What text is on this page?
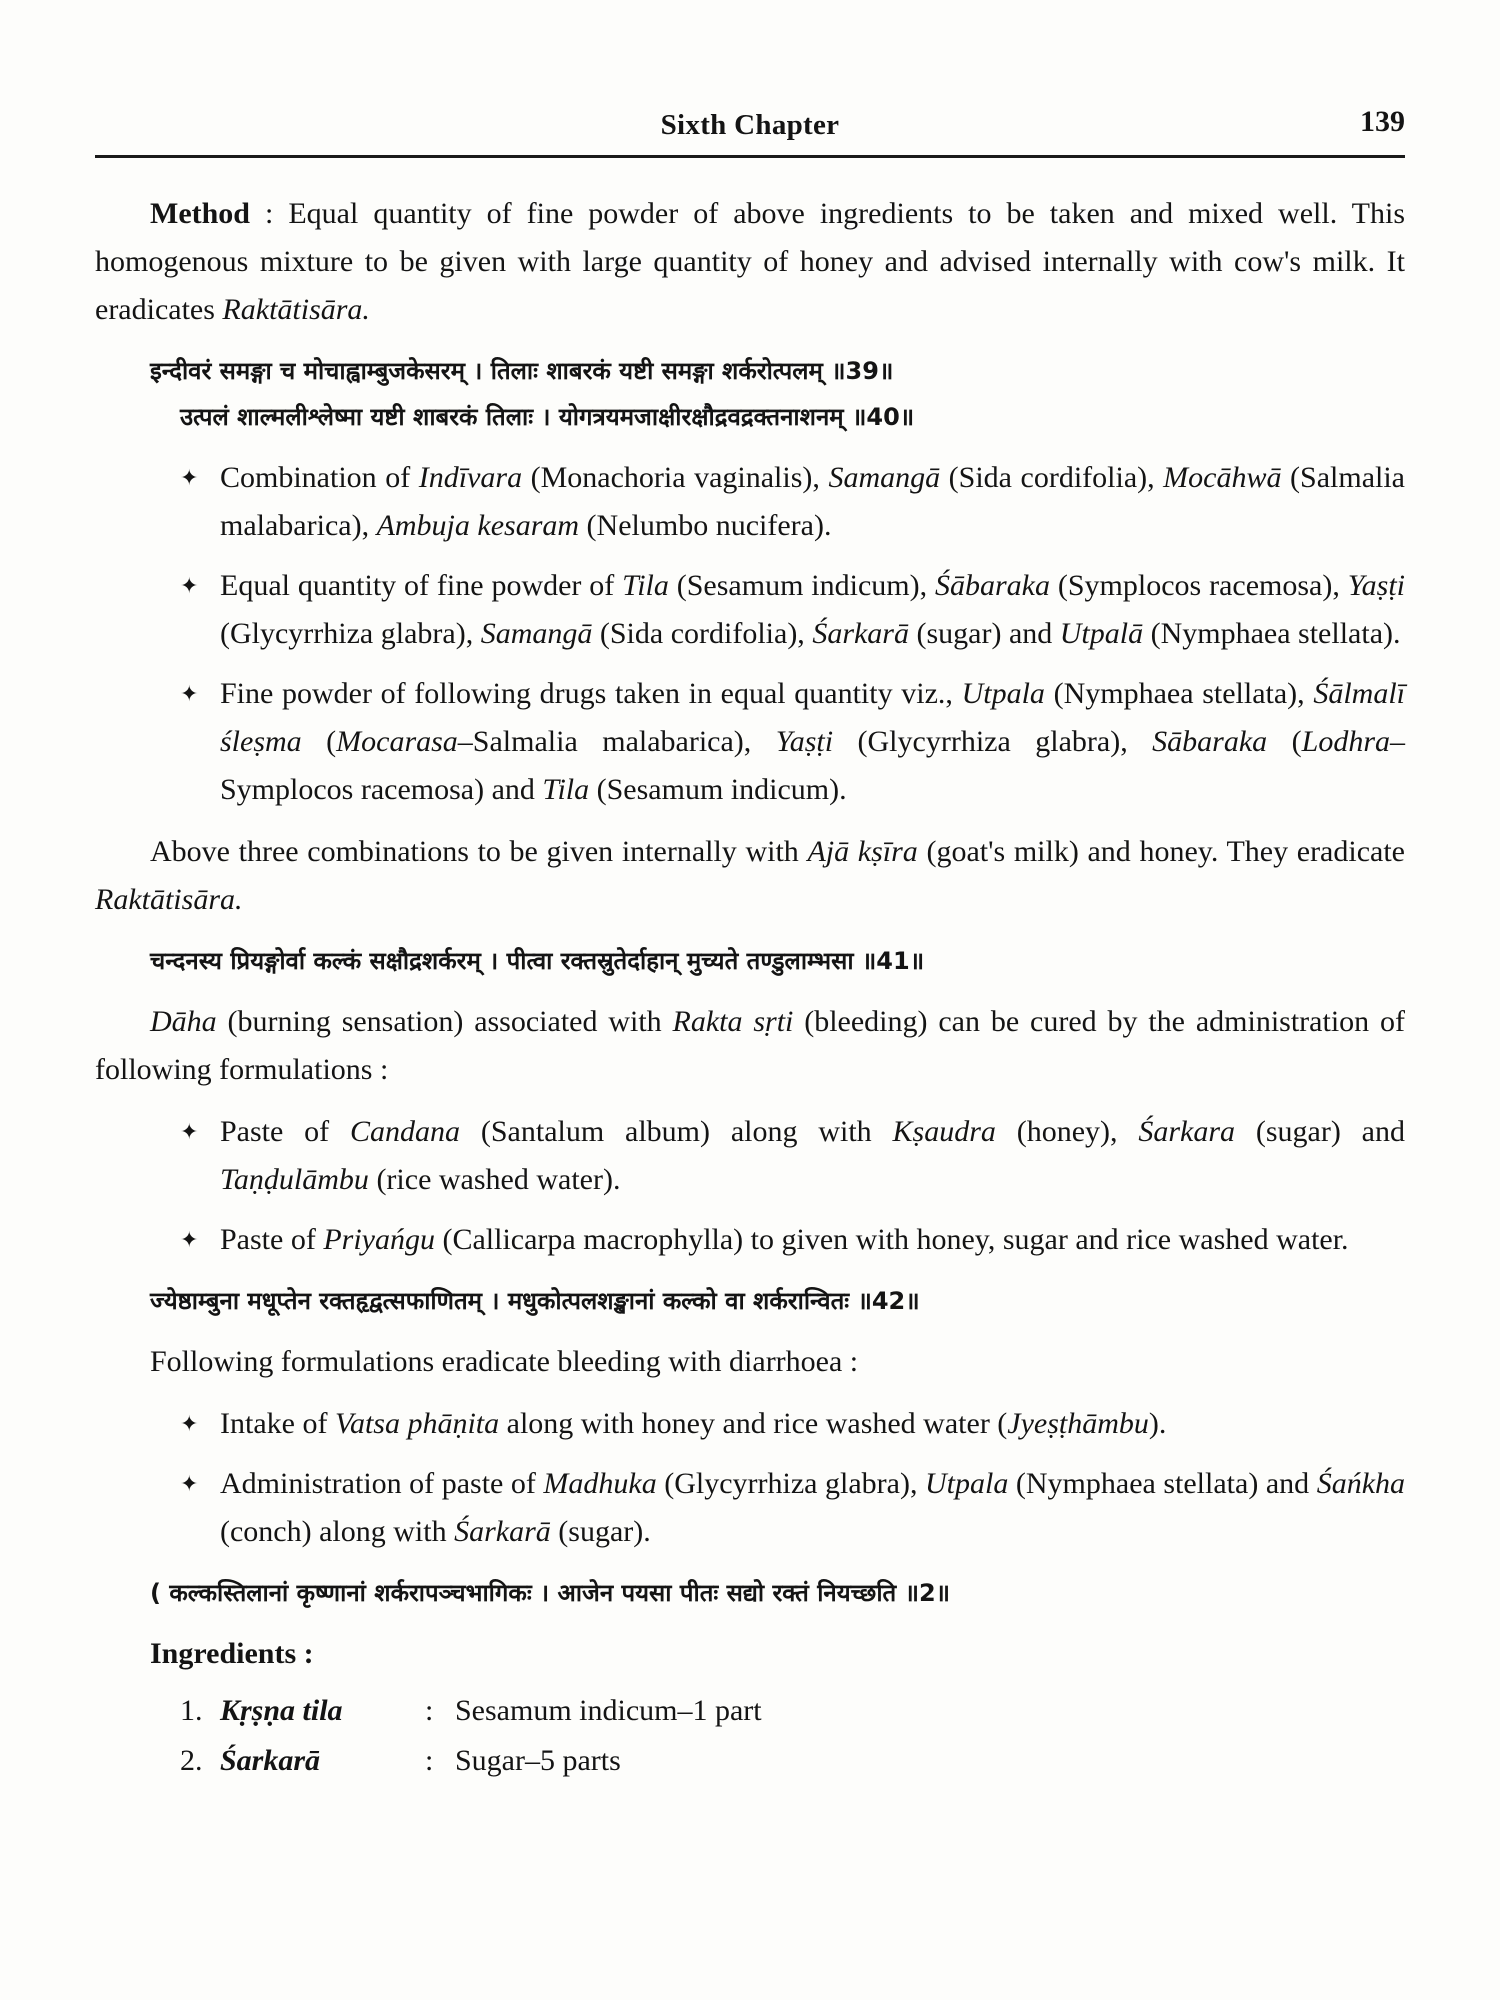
Sixth Chapter	139

Method : Equal quantity of fine powder of above ingredients to be taken and mixed well. This homogenous mixture to be given with large quantity of honey and advised internally with cow's milk. It eradicates Raktātisāra.

इन्दीवरं समङ्गा च मोचाह्वाम्बुजकेसरम् । तिलाः शाबरकं यष्टी समङ्गा शर्करोत्पलम् ॥39॥
उत्पलं शाल्मलीश्लेष्मा यष्टी शाबरकं तिलाः । योगत्रयमजाक्षीरक्षौद्रवद्रक्तनाशनम् ॥40॥
✦ Combination of Indīvara (Monachoria vaginalis), Samangā (Sida cordifolia), Mocāhwā (Salmalia malabarica), Ambuja kesaram (Nelumbo nucifera).
✦ Equal quantity of fine powder of Tila (Sesamum indicum), Śābaraka (Symplocos racemosa), Yaṣṭi (Glycyrrhiza glabra), Samangā (Sida cordifolia), Śarkarā (sugar) and Utpalā (Nymphaea stellata).
✦ Fine powder of following drugs taken in equal quantity viz., Utpala (Nymphaea stellata), Śālmalī śleṣma (Mocarasa–Salmalia malabarica), Yaṣṭi (Glycyrrhiza glabra), Sābaraka (Lodhra–Symplocos racemosa) and Tila (Sesamum indicum).

Above three combinations to be given internally with Ajā kṣīra (goat's milk) and honey. They eradicate Raktātisāra.

चन्दनस्य प्रियङ्गोर्वा कल्कं सक्षौद्रशर्करम् । पीत्वा रक्तस्रुतेर्दाहान् मुच्यते तण्डुलाम्भसा ॥41॥

Dāha (burning sensation) associated with Rakta sṛti (bleeding) can be cured by the administration of following formulations :

✦ Paste of Candana (Santalum album) along with Kṣaudra (honey), Śarkara (sugar) and Taṇḍulāmbu (rice washed water).
✦ Paste of Priyańgu (Callicarpa macrophylla) to given with honey, sugar and rice washed water.
ज्येष्ठाम्बुना मधूप्तेन रक्तहृद्वत्सफाणितम् । मधुकोत्पलशङ्खानां कल्को वा शर्करान्वितः ॥42॥

Following formulations eradicate bleeding with diarrhoea :

✦ Intake of Vatsa phāṇita along with honey and rice washed water (Jyeṣṭhāmbu).
✦ Administration of paste of Madhuka (Glycyrrhiza glabra), Utpala (Nymphaea stellata) and Śańkha (conch) along with Śarkarā (sugar).
( कल्कस्तिलानां कृष्णानां शर्करापञ्चभागिकः । आजेन पयसा पीतः सद्यो रक्तं नियच्छति ॥2॥
Ingredients :
1.	Kṛṣṇa tila	:	Sesamum indicum–1 part
2.	Śarkarā	:	Sugar–5 parts
